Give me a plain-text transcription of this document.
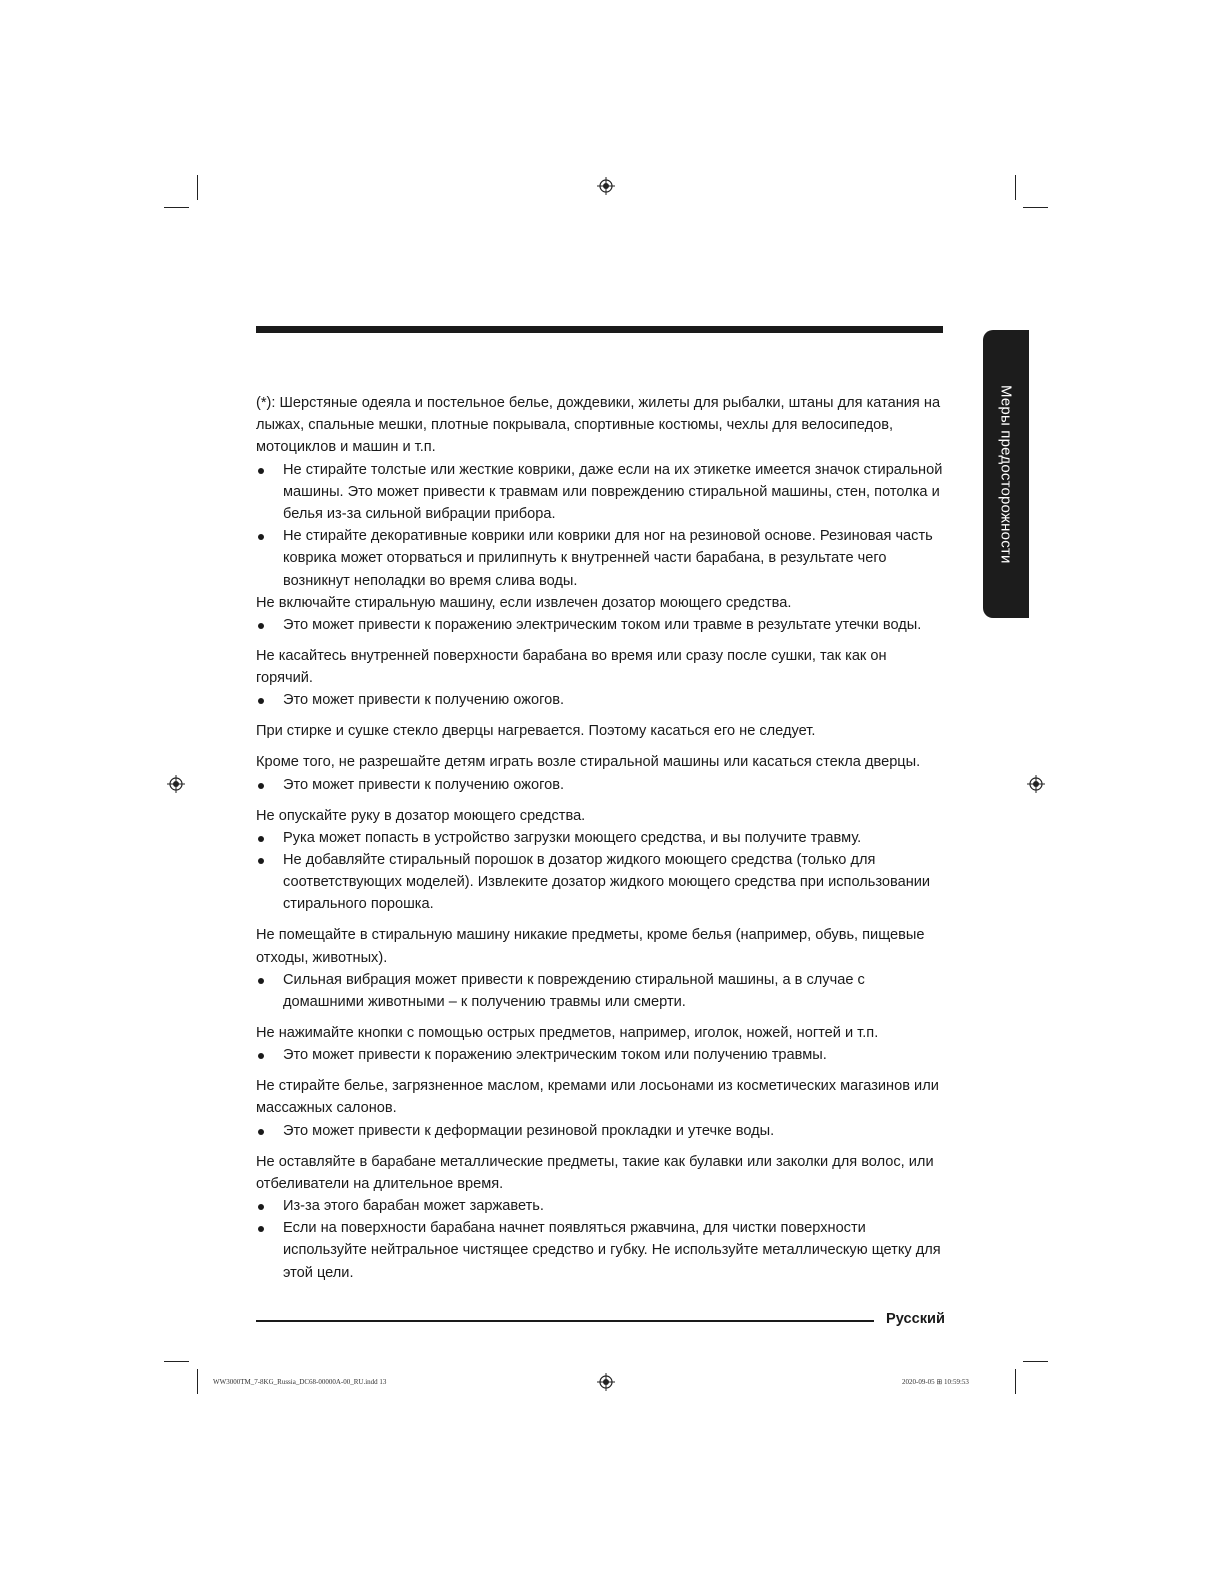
Меры предосторожности

(*): Шерстяные одеяла и постельное белье, дождевики, жилеты для рыбалки, штаны для катания на лыжах, спальные мешки, плотные покрывала, спортивные костюмы, чехлы для велосипедов, мотоциклов и машин и т.п.

Не стирайте толстые или жесткие коврики, даже если на их этикетке имеется значок стиральной машины. Это может привести к травмам или повреждению стиральной машины, стен, потолка и белья из-за сильной вибрации прибора.
Не стирайте декоративные коврики или коврики для ног на резиновой основе. Резиновая часть коврика может оторваться и прилипнуть к внутренней части барабана, в результате чего возникнут неполадки во время слива воды.

Не включайте стиральную машину, если извлечен дозатор моющего средства.

Это может привести к поражению электрическим током или травме в результате утечки воды.

Не касайтесь внутренней поверхности барабана во время или сразу после сушки, так как он горячий.

Это может привести к получению ожогов.

При стирке и сушке стекло дверцы нагревается. Поэтому касаться его не следует.

Кроме того, не разрешайте детям играть возле стиральной машины или касаться стекла дверцы.

Это может привести к получению ожогов.

Не опускайте руку в дозатор моющего средства.

Рука может попасть в устройство загрузки моющего средства, и вы получите травму.
Не добавляйте стиральный порошок в дозатор жидкого моющего средства (только для соответствующих моделей). Извлеките дозатор жидкого моющего средства при использовании стирального порошка.

Не помещайте в стиральную машину никакие предметы, кроме белья (например, обувь, пищевые отходы, животных).

Сильная вибрация может привести к повреждению стиральной машины, а в случае с домашними животными – к получению травмы или смерти.

Не нажимайте кнопки с помощью острых предметов, например, иголок, ножей, ногтей и т.п.

Это может привести к поражению электрическим током или получению травмы.

Не стирайте белье, загрязненное маслом, кремами или лосьонами из косметических магазинов или массажных салонов.

Это может привести к деформации резиновой прокладки и утечке воды.

Не оставляйте в барабане металлические предметы, такие как булавки или заколки для волос, или отбеливатели на длительное время.

Из-за этого барабан может заржаветь.
Если на поверхности барабана начнет появляться ржавчина, для чистки поверхности используйте нейтральное чистящее средство и губку. Не используйте металлическую щетку для этой цели.
Русский
WW3000TM_7-8KG_Russia_DC68-00000A-00_RU.indd 13	2020-09-05 ⊞ 10:59:53
